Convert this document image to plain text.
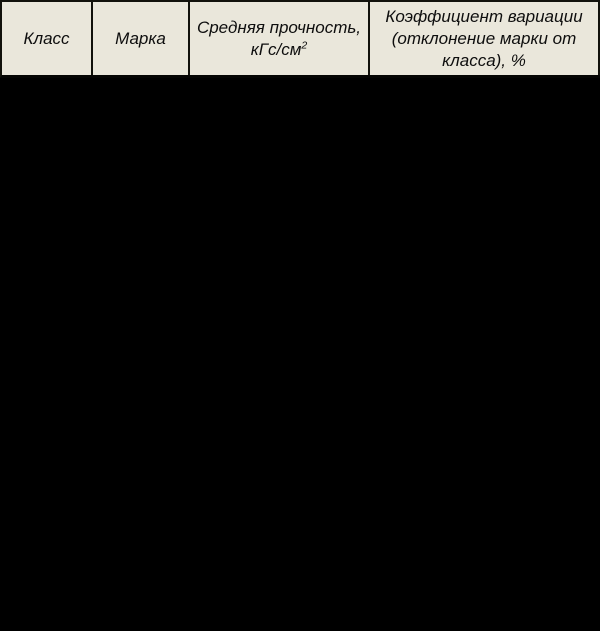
Класс	Марка
Средняя прочность,
кГс/$см^2$
Коэффициент вариации
(отклонение марки от
класса), %
